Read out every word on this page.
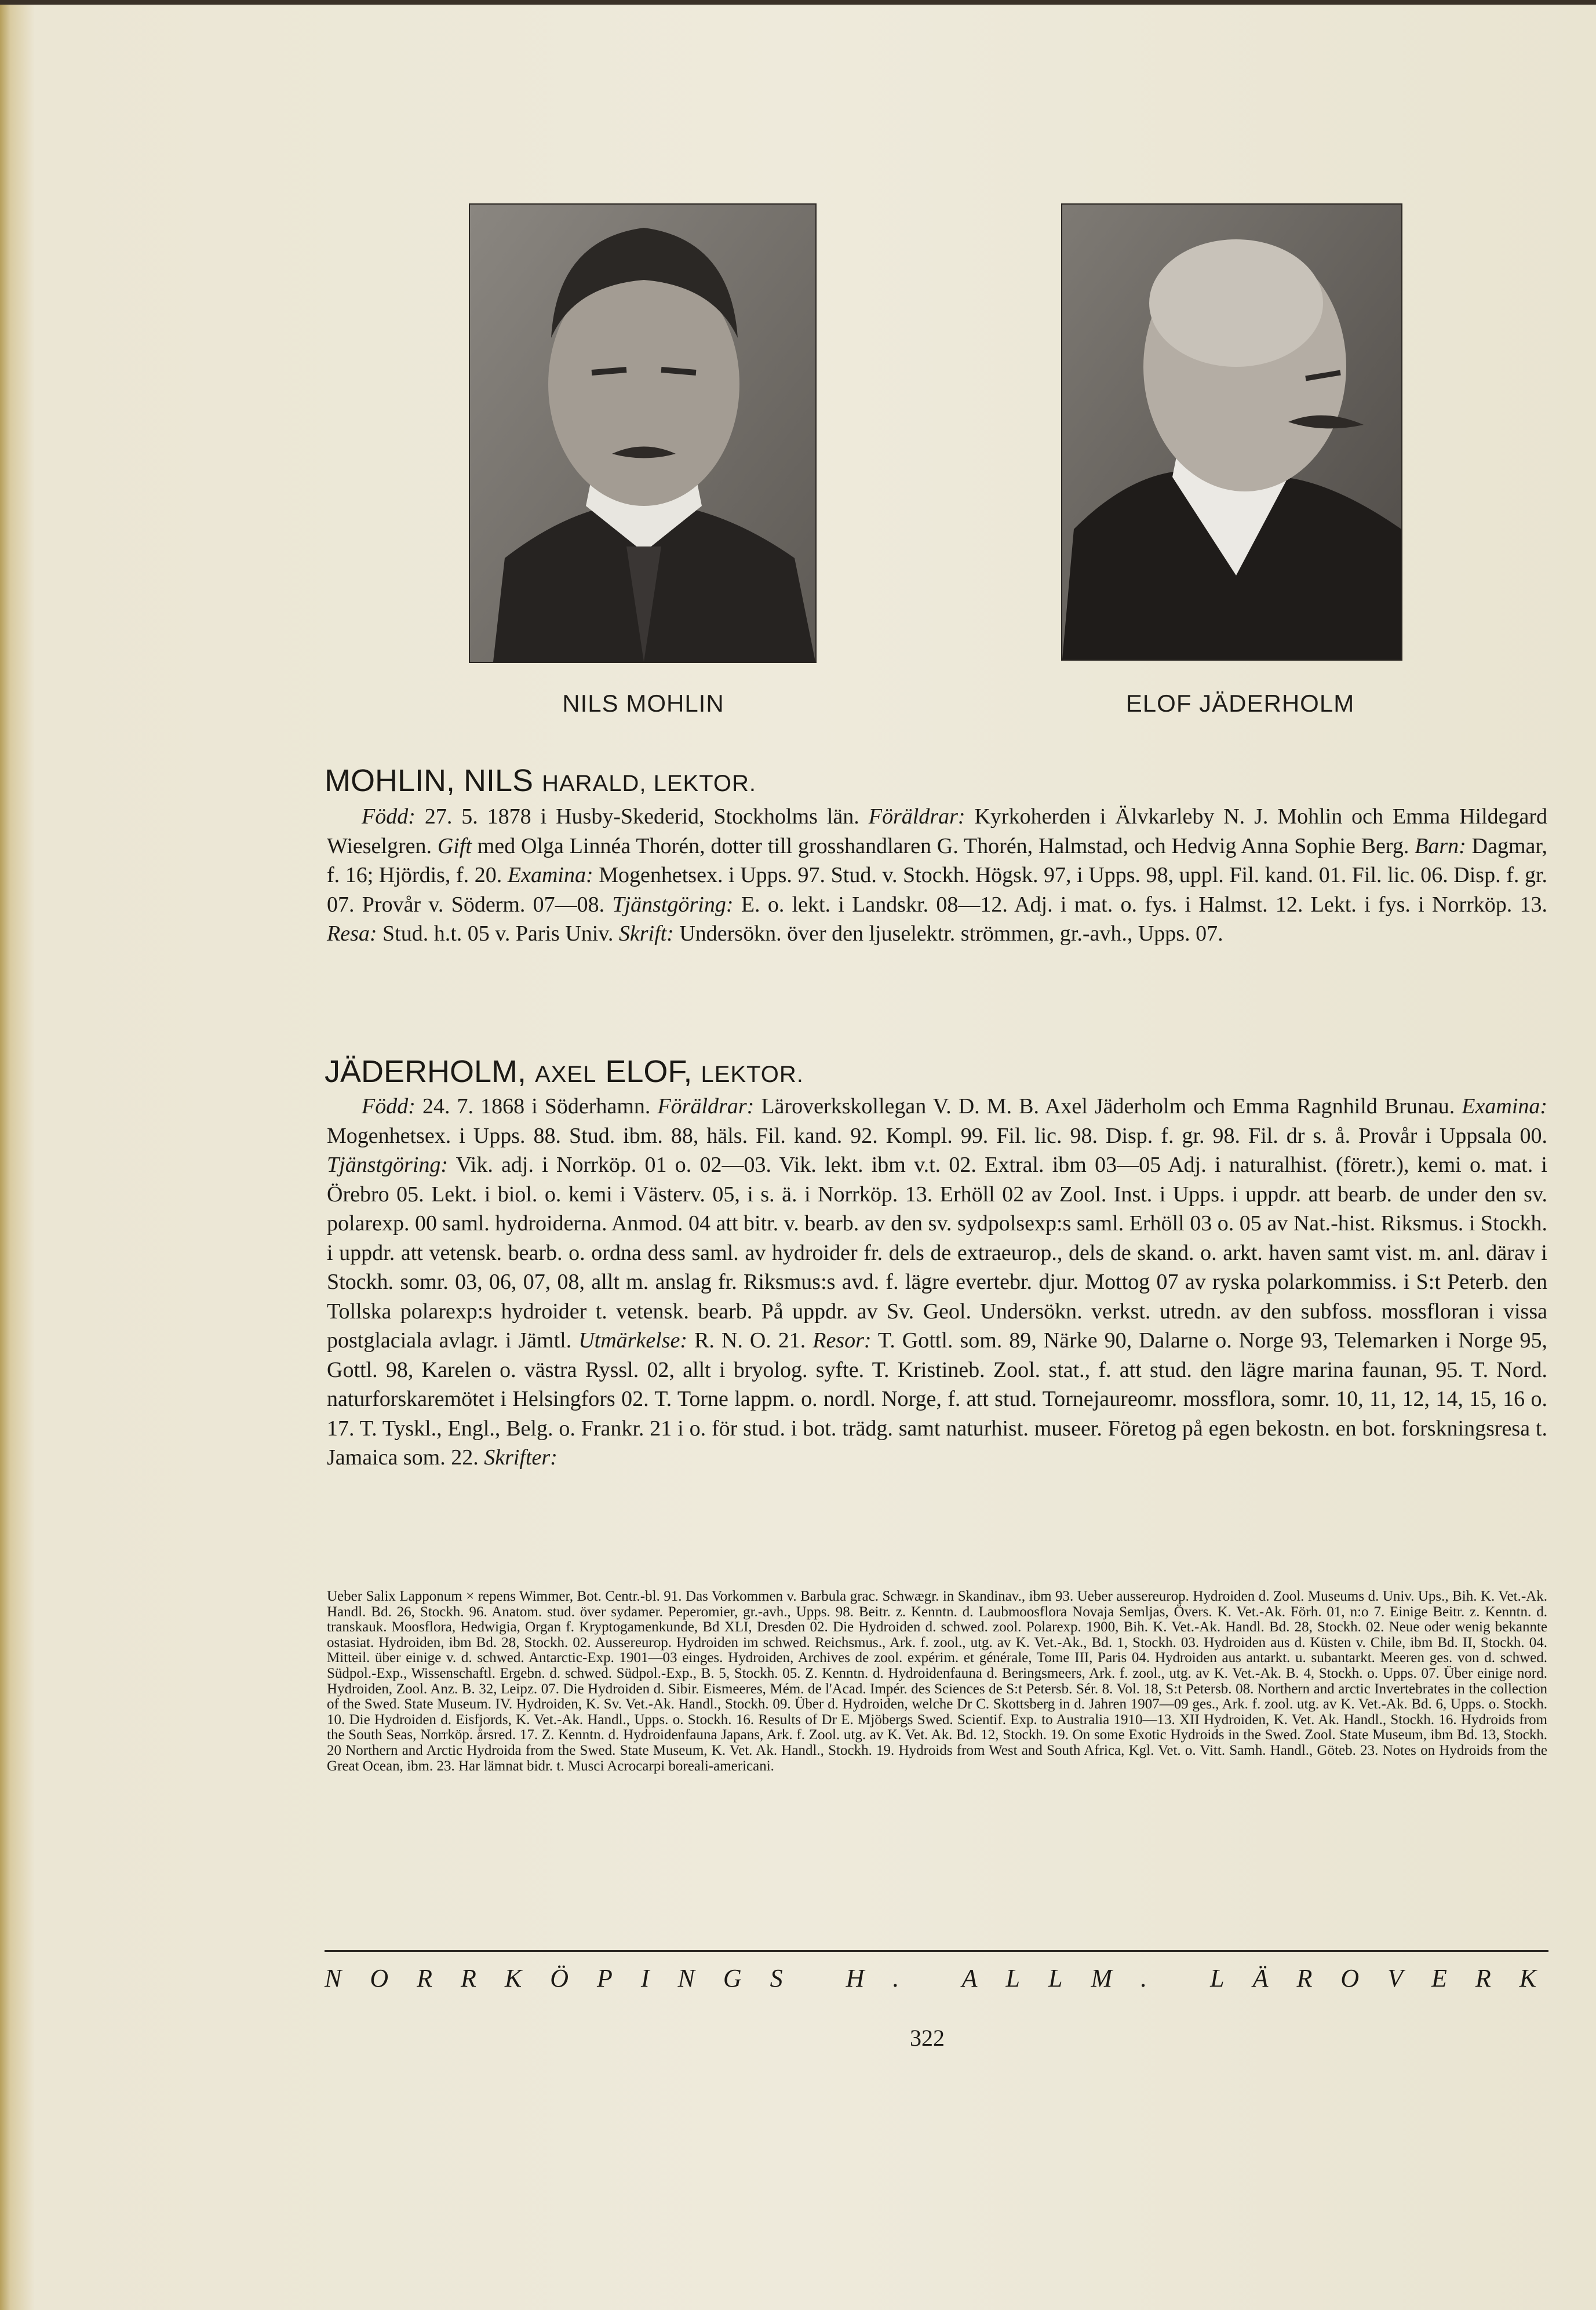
NILS MOHLIN	ELOF JÄDERHOLM
MOHLIN, NILS HARALD, LEKTOR.

Född: 27. 5. 1878 i Husby-Skederid, Stockholms län. Föräldrar: Kyrkoherden i Älvkarleby N. J. Mohlin och Emma Hildegard Wieselgren. Gift med Olga Linnéa Thorén, dotter till grosshandlaren G. Thorén, Halmstad, och Hedvig Anna Sophie Berg. Barn: Dagmar, f. 16; Hjördis, f. 20. Examina: Mogenhetsex. i Upps. 97. Stud. v. Stockh. Högsk. 97, i Upps. 98, uppl. Fil. kand. 01. Fil. lic. 06. Disp. f. gr. 07. Provår v. Söderm. 07—08. Tjänstgöring: E. o. lekt. i Landskr. 08—12. Adj. i mat. o. fys. i Halmst. 12. Lekt. i fys. i Norrköp. 13. Resa: Stud. h.t. 05 v. Paris Univ. Skrift: Undersökn. över den ljuselektr. strömmen, gr.-avh., Upps. 07.

JÄDERHOLM, AXEL ELOF, LEKTOR.

Född: 24. 7. 1868 i Söderhamn. Föräldrar: Läroverkskollegan V. D. M. B. Axel Jäderholm och Emma Ragnhild Brunau. Examina: Mogenhetsex. i Upps. 88. Stud. ibm. 88, häls. Fil. kand. 92. Kompl. 99. Fil. lic. 98. Disp. f. gr. 98. Fil. dr s. å. Provår i Uppsala 00. Tjänstgöring: Vik. adj. i Norrköp. 01 o. 02—03. Vik. lekt. ibm v.t. 02. Extral. ibm 03—05 Adj. i naturalhist. (företr.), kemi o. mat. i Örebro 05. Lekt. i biol. o. kemi i Västerv. 05, i s. ä. i Norrköp. 13. Erhöll 02 av Zool. Inst. i Upps. i uppdr. att bearb. de under den sv. polarexp. 00 saml. hydroiderna. Anmod. 04 att bitr. v. bearb. av den sv. sydpolsexp:s saml. Erhöll 03 o. 05 av Nat.-hist. Riksmus. i Stockh. i uppdr. att vetensk. bearb. o. ordna dess saml. av hydroider fr. dels de extraeurop., dels de skand. o. arkt. haven samt vist. m. anl. därav i Stockh. somr. 03, 06, 07, 08, allt m. anslag fr. Riksmus:s avd. f. lägre evertebr. djur. Mottog 07 av ryska polarkommiss. i S:t Peterb. den Tollska polarexp:s hydroider t. vetensk. bearb. På uppdr. av Sv. Geol. Undersökn. verkst. utredn. av den subfoss. mossfloran i vissa postglaciala avlagr. i Jämtl. Utmärkelse: R. N. O. 21. Resor: T. Gottl. som. 89, Närke 90, Dalarne o. Norge 93, Telemarken i Norge 95, Gottl. 98, Karelen o. västra Ryssl. 02, allt i bryolog. syfte. T. Kristineb. Zool. stat., f. att stud. den lägre marina faunan, 95. T. Nord. naturforskaremötet i Helsingfors 02. T. Torne lappm. o. nordl. Norge, f. att stud. Tornejaureomr. mossflora, somr. 10, 11, 12, 14, 15, 16 o. 17. T. Tyskl., Engl., Belg. o. Frankr. 21 i o. för stud. i bot. trädg. samt naturhist. museer. Företog på egen bekostn. en bot. forskningsresa t. Jamaica som. 22. Skrifter:

Ueber Salix Lapponum × repens Wimmer, Bot. Centr.-bl. 91. Das Vorkommen v. Barbula grac. Schwægr. in Skandinav., ibm 93. Ueber aussereurop. Hydroiden d. Zool. Museums d. Univ. Ups., Bih. K. Vet.-Ak. Handl. Bd. 26, Stockh. 96. Anatom. stud. över sydamer. Peperomier, gr.-avh., Upps. 98. Beitr. z. Kenntn. d. Laubmoosflora Novaja Semljas, Övers. K. Vet.-Ak. Förh. 01, n:o 7. Einige Beitr. z. Kenntn. d. transkauk. Moosflora, Hedwigia, Organ f. Kryptogamenkunde, Bd XLI, Dresden 02. Die Hydroiden d. schwed. zool. Polarexp. 1900, Bih. K. Vet.-Ak. Handl. Bd. 28, Stockh. 02. Neue oder wenig bekannte ostasiat. Hydroiden, ibm Bd. 28, Stockh. 02. Aussereurop. Hydroiden im schwed. Reichsmus., Ark. f. zool., utg. av K. Vet.-Ak., Bd. 1, Stockh. 03. Hydroiden aus d. Küsten v. Chile, ibm Bd. II, Stockh. 04. Mitteil. über einige v. d. schwed. Antarctic-Exp. 1901—03 einges. Hydroiden, Archives de zool. expérim. et générale, Tome III, Paris 04. Hydroiden aus antarkt. u. subantarkt. Meeren ges. von d. schwed. Südpol.-Exp., Wissenschaftl. Ergebn. d. schwed. Südpol.-Exp., B. 5, Stockh. 05. Z. Kenntn. d. Hydroidenfauna d. Beringsmeers, Ark. f. zool., utg. av K. Vet.-Ak. B. 4, Stockh. o. Upps. 07. Über einige nord. Hydroiden, Zool. Anz. B. 32, Leipz. 07. Die Hydroiden d. Sibir. Eismeeres, Mém. de l'Acad. Impér. des Sciences de S:t Petersb. Sér. 8. Vol. 18, S:t Petersb. 08. Northern and arctic Invertebrates in the collection of the Swed. State Museum. IV. Hydroiden, K. Sv. Vet.-Ak. Handl., Stockh. 09. Über d. Hydroiden, welche Dr C. Skottsberg in d. Jahren 1907—09 ges., Ark. f. zool. utg. av K. Vet.-Ak. Bd. 6, Upps. o. Stockh. 10. Die Hydroiden d. Eisfjords, K. Vet.-Ak. Handl., Upps. o. Stockh. 16. Results of Dr E. Mjöbergs Swed. Scientif. Exp. to Australia 1910—13. XII Hydroiden, K. Vet. Ak. Handl., Stockh. 16. Hydroids from the South Seas, Norrköp. årsred. 17. Z. Kenntn. d. Hydroidenfauna Japans, Ark. f. Zool. utg. av K. Vet. Ak. Bd. 12, Stockh. 19. On some Exotic Hydroids in the Swed. Zool. State Museum, ibm Bd. 13, Stockh. 20 Northern and Arctic Hydroida from the Swed. State Museum, K. Vet. Ak. Handl., Stockh. 19. Hydroids from West and South Africa, Kgl. Vet. o. Vitt. Samh. Handl., Göteb. 23. Notes on Hydroids from the Great Ocean, ibm. 23. Har lämnat bidr. t. Musci Acrocarpi boreali-americani.
NORRKÖPINGS H. ALLM. LÄROVERK
322
